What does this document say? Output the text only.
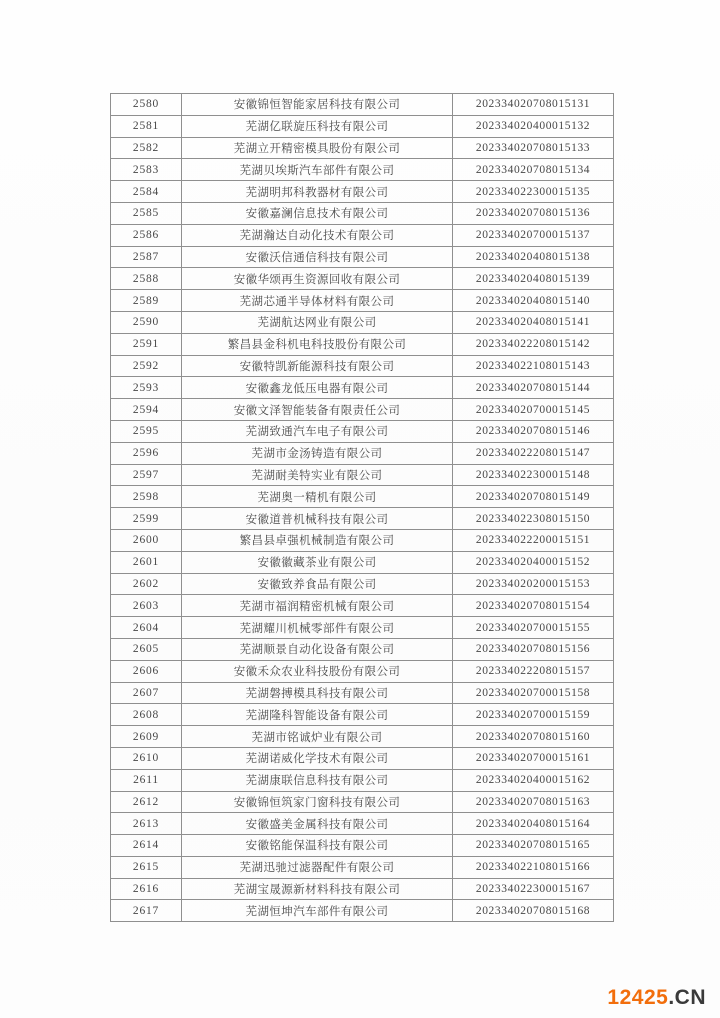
2580	安徽锦恒智能家居科技有限公司	202334020708015131
2581	芜湖亿联旋压科技有限公司	202334020400015132
2582	芜湖立开精密模具股份有限公司	202334020708015133
2583	芜湖贝埃斯汽车部件有限公司	202334020708015134
2584	芜湖明邦科教器材有限公司	202334022300015135
2585	安徽嘉澜信息技术有限公司	202334020708015136
2586	芜湖瀚达自动化技术有限公司	202334020700015137
2587	安徽沃信通信科技有限公司	202334020408015138
2588	安徽华颂再生资源回收有限公司	202334020408015139
2589	芜湖芯通半导体材料有限公司	202334020408015140
2590	芜湖航达网业有限公司	202334020408015141
2591	繁昌县金科机电科技股份有限公司	202334022208015142
2592	安徽特凯新能源科技有限公司	202334022108015143
2593	安徽鑫龙低压电器有限公司	202334020708015144
2594	安徽文泽智能装备有限责任公司	202334020700015145
2595	芜湖致通汽车电子有限公司	202334020708015146
2596	芜湖市金汤铸造有限公司	202334022208015147
2597	芜湖耐美特实业有限公司	202334022300015148
2598	芜湖奥一精机有限公司	202334020708015149
2599	安徽道普机械科技有限公司	202334022308015150
2600	繁昌县卓强机械制造有限公司	202334022200015151
2601	安徽徽藏茶业有限公司	202334020400015152
2602	安徽致养食品有限公司	202334020200015153
2603	芜湖市福润精密机械有限公司	202334020708015154
2604	芜湖耀川机械零部件有限公司	202334020700015155
2605	芜湖顺景自动化设备有限公司	202334020708015156
2606	安徽禾众农业科技股份有限公司	202334022208015157
2607	芜湖磐搏模具科技有限公司	202334020700015158
2608	芜湖隆科智能设备有限公司	202334020700015159
2609	芜湖市铭诚炉业有限公司	202334020708015160
2610	芜湖诺威化学技术有限公司	202334020700015161
2611	芜湖康联信息科技有限公司	202334020400015162
2612	安徽锦恒筑家门窗科技有限公司	202334020708015163
2613	安徽盛美金属科技有限公司	202334020408015164
2614	安徽铭能保温科技有限公司	202334020708015165
2615	芜湖迅驰过滤器配件有限公司	202334022108015166
2616	芜湖宝晟源新材料科技有限公司	202334022300015167
2617	芜湖恒坤汽车部件有限公司	202334020708015168
12425.CN
